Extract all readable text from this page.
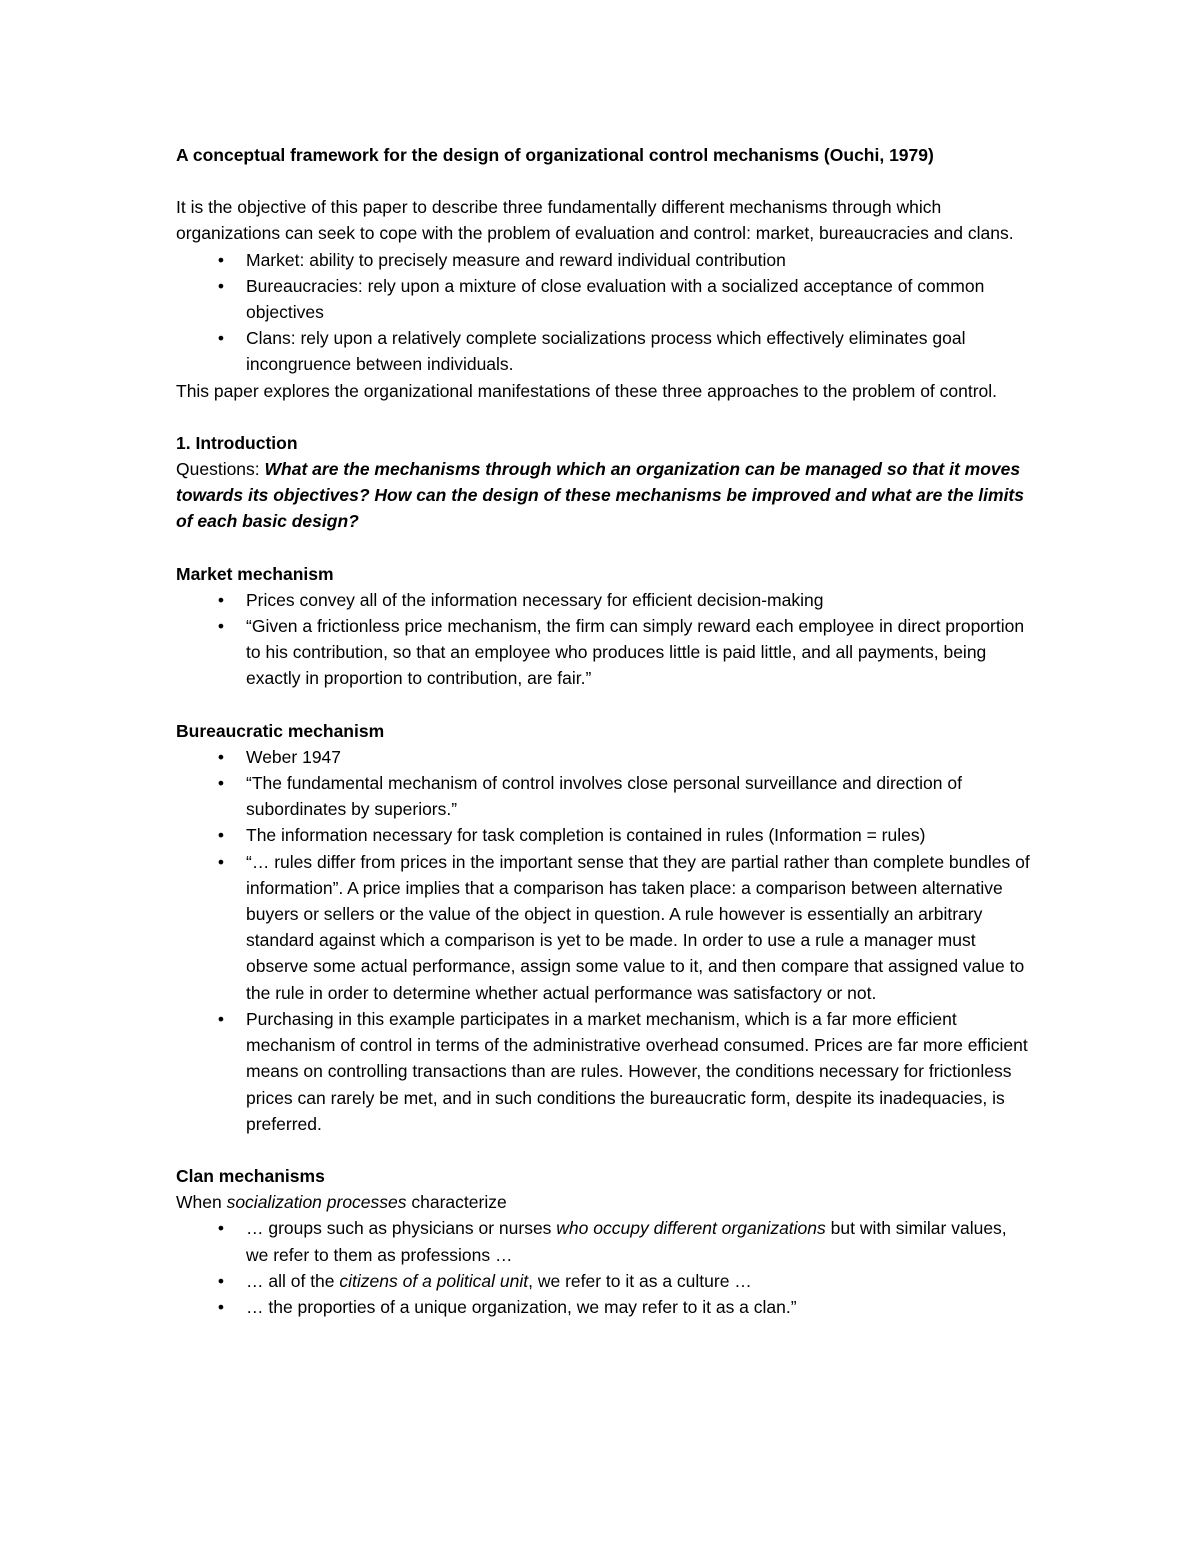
A conceptual framework for the design of organizational control mechanisms (Ouchi, 1979)

It is the objective of this paper to describe three fundamentally different mechanisms through which organizations can seek to cope with the problem of evaluation and control: market, bureaucracies and clans.

•	Market: ability to precisely measure and reward individual contribution
•	Bureaucracies: rely upon a mixture of close evaluation with a socialized acceptance of common objectives
•	Clans: rely upon a relatively complete socializations process which effectively eliminates goal incongruence between individuals.

This paper explores the organizational manifestations of these three approaches to the problem of control.

1. Introduction

Questions: What are the mechanisms through which an organization can be managed so that it moves towards its objectives? How can the design of these mechanisms be improved and what are the limits of each basic design?

Market mechanism

•	Prices convey all of the information necessary for efficient decision-making
•	“Given a frictionless price mechanism, the firm can simply reward each employee in direct proportion to his contribution, so that an employee who produces little is paid little, and all payments, being exactly in proportion to contribution, are fair.”

Bureaucratic mechanism

•	Weber 1947
•	“The fundamental mechanism of control involves close personal surveillance and direction of subordinates by superiors.”
•	The information necessary for task completion is contained in rules (Information = rules)
•	“… rules differ from prices in the important sense that they are partial rather than complete bundles of information”. A price implies that a comparison has taken place: a comparison between alternative buyers or sellers or the value of the object in question. A rule however is essentially an arbitrary standard against which a comparison is yet to be made. In order to use a rule a manager must observe some actual performance, assign some value to it, and then compare that assigned value to the rule in order to determine whether actual performance was satisfactory or not.
•	Purchasing in this example participates in a market mechanism, which is a far more efficient mechanism of control in terms of the administrative overhead consumed. Prices are far more efficient means on controlling transactions than are rules. However, the conditions necessary for frictionless prices can rarely be met, and in such conditions the bureaucratic form, despite its inadequacies, is preferred.

Clan mechanisms

When socialization processes characterize

•	… groups such as physicians or nurses who occupy different organizations but with similar values, we refer to them as professions …
•	… all of the citizens of a political unit, we refer to it as a culture …
•	… the proporties of a unique organization, we may refer to it as a clan.”
